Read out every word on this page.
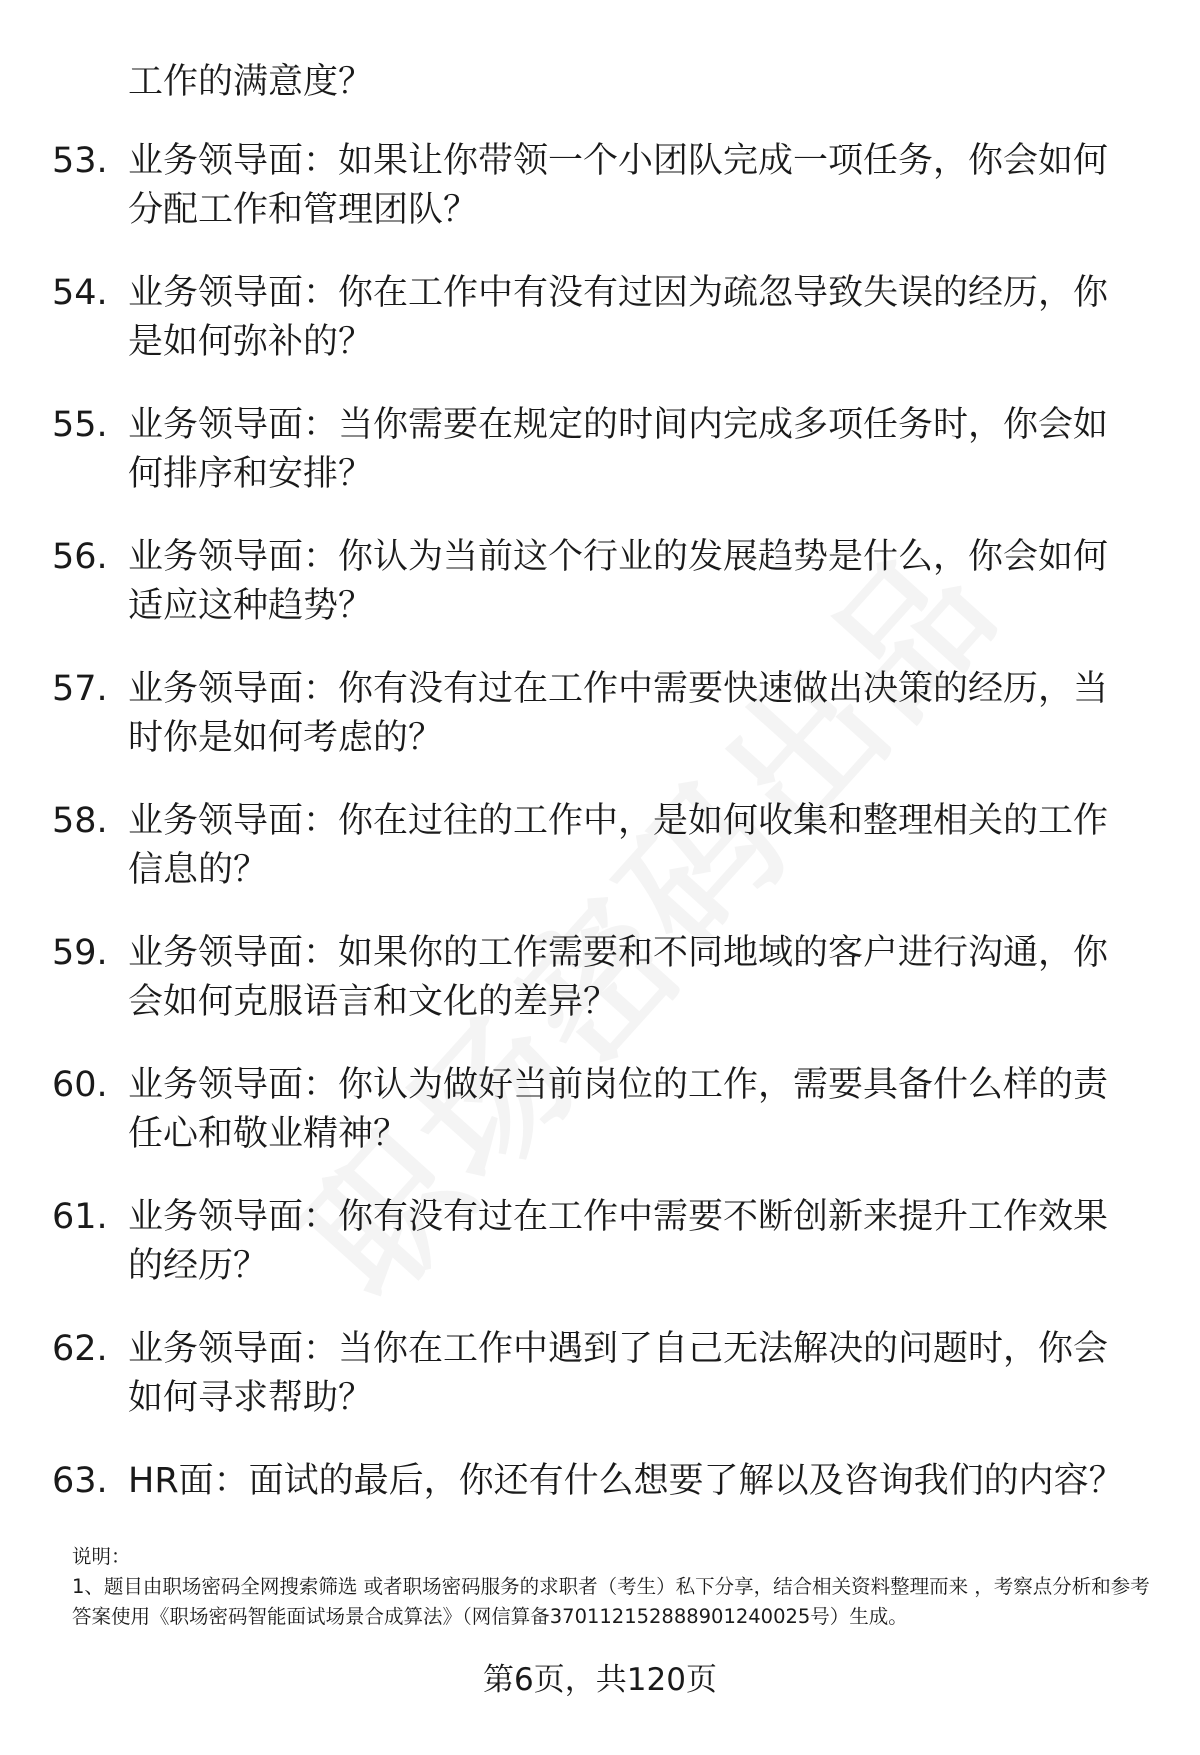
工作的满意度？
53. 业务领导面：如果让你带领一个小团队完成一项任务，你会如何分配工作和管理团队？
54. 业务领导面：你在工作中有没有过因为疏忽导致失误的经历，你是如何弥补的？
55. 业务领导面：当你需要在规定的时间内完成多项任务时，你会如何排序和安排？
56. 业务领导面：你认为当前这个行业的发展趋势是什么，你会如何适应这种趋势？
57. 业务领导面：你有没有过在工作中需要快速做出决策的经历，当时你是如何考虑的？
58. 业务领导面：你在过往的工作中，是如何收集和整理相关的工作信息的？
59. 业务领导面：如果你的工作需要和不同地域的客户进行沟通，你会如何克服语言和文化的差异？
60. 业务领导面：你认为做好当前岗位的工作，需要具备什么样的责任心和敬业精神？
61. 业务领导面：你有没有过在工作中需要不断创新来提升工作效果的经历？
62. 业务领导面：当你在工作中遇到了自己无法解决的问题时，你会如何寻求帮助？
63. HR面：面试的最后，你还有什么想要了解以及咨询我们的内容？
说明：
1、题目由职场密码全网搜索筛选 或者职场密码服务的求职者（考生）私下分享，结合相关资料整理而来 ，考察点分析和参考答案使用《职场密码智能面试场景合成算法》（网信算备370112152888901240025号）生成。
第6页，共120页
